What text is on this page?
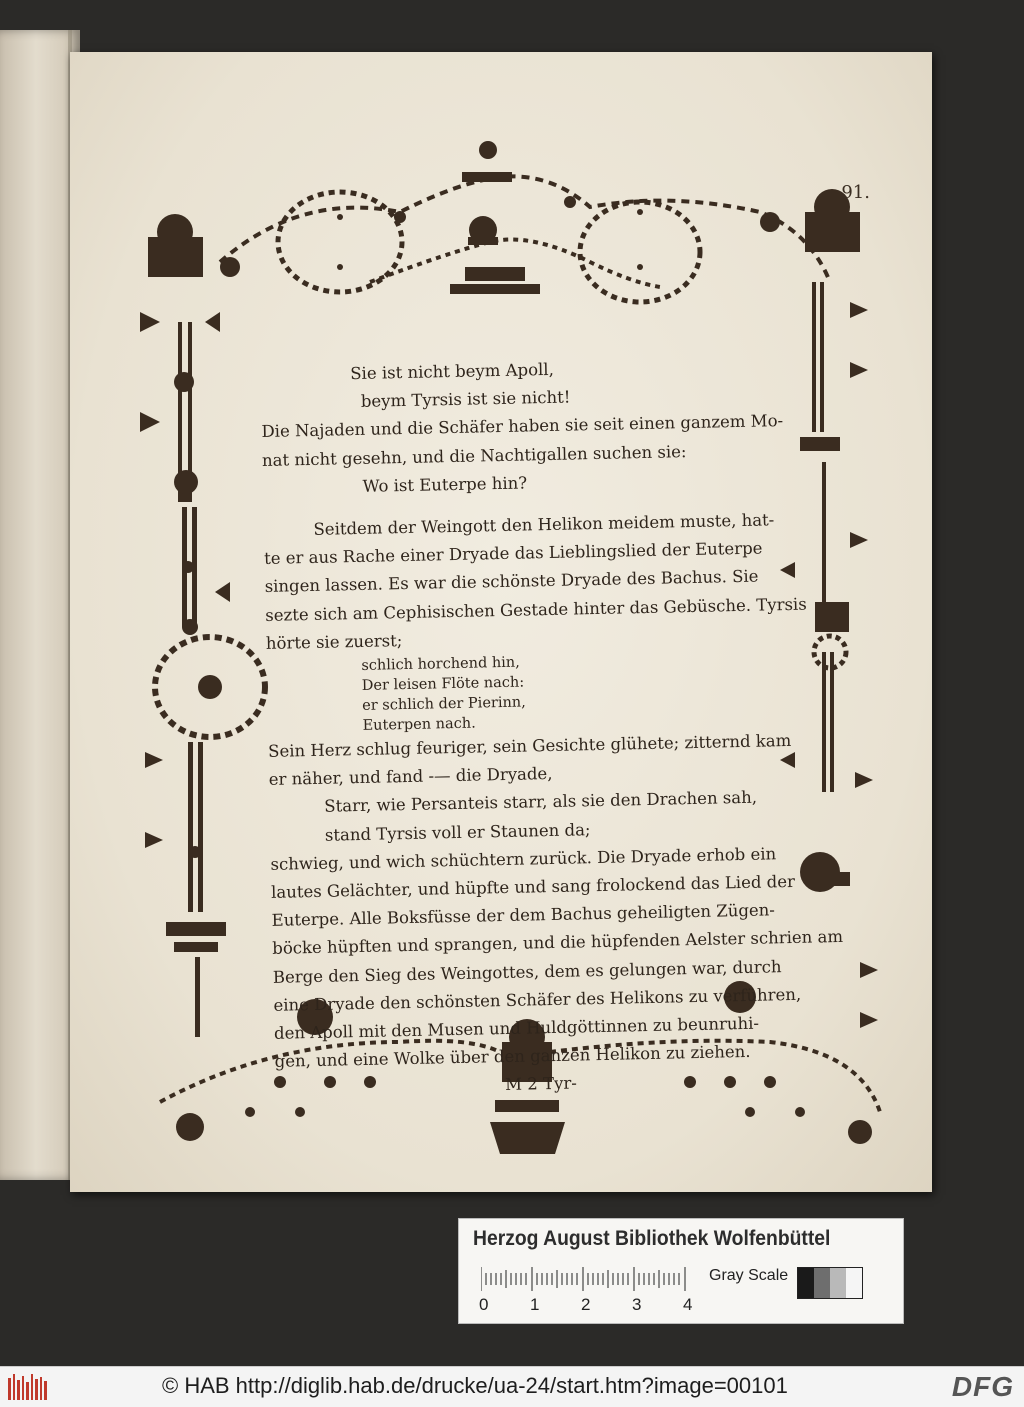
91.
Sie ist nicht beym Apoll,
beym Tyrsis ist sie nicht!
Die Najaden und die Schäfer haben sie seit einen ganzem Mo-
nat nicht gesehn, und die Nachtigallen suchen sie:
Wo ist Euterpe hin?
Seitdem der Weingott den Helikon meidem muste, hat-
te er aus Rache einer Dryade das Lieblingslied der Euterpe
singen lassen. Es war die schönste Dryade des Bachus. Sie
sezte sich am Cephisischen Gestade hinter das Gebüsche. Tyrsis
hörte sie zuerst;
schlich horchend hin,
Der leisen Flöte nach:
er schlich der Pierinn,
Euterpen nach.
Sein Herz schlug feuriger, sein Gesichte glühete; zitternd kam
er näher, und fand -— die Dryade,
Starr, wie Persanteis starr, als sie den Drachen sah,
stand Tyrsis voll er Staunen da;
schwieg, und wich schüchtern zurück. Die Dryade erhob ein
lautes Gelächter, und hüpfte und sang frolockend das Lied der
Euterpe. Alle Boksfüsse der dem Bachus geheiligten Zügen-
böcke hüpften und sprangen, und die hüpfenden Aelster schrien am
Berge den Sieg des Weingottes, dem es gelungen war, durch
eine Dryade den schönsten Schäfer des Helikons zu verführen,
den Apoll mit den Musen und Huldgöttinnen zu beunruhi-
gen, und eine Wolke über den ganzen Helikon zu ziehen.
M 2 Tyr-
Herzog August Bibliothek Wolfenbüttel
0 1 2 3 4
Gray Scale
© HAB http://diglib.hab.de/drucke/ua-24/start.htm?image=00101	DFG
